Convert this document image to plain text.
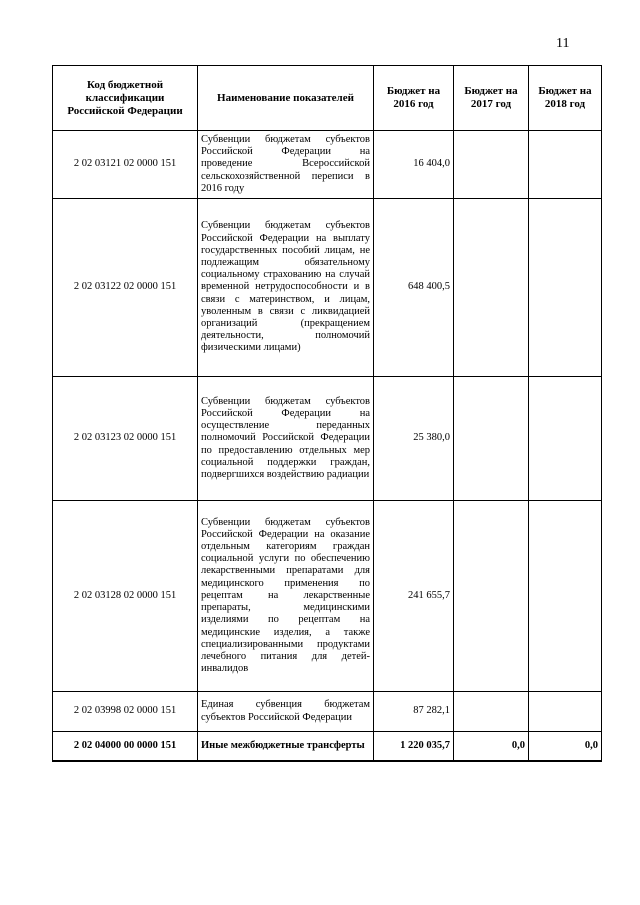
11
Код бюджетной классификации Российской Федерации	Наименование показателей	Бюджет на 2016 год	Бюджет на 2017 год	Бюджет на 2018 год
2 02 03121 02 0000 151	Субвенции бюджетам субъектов Российской Федерации на проведение Всероссийской сельскохозяйственной переписи в 2016 году	16 404,0		
2 02 03122 02 0000 151	Субвенции бюджетам субъектов Российской Федерации на выплату государственных пособий лицам, не подлежащим обязательному социальному страхованию на случай временной нетрудоспособности и в связи с материнством, и лицам, уволенным в связи с ликвидацией организаций (прекращением деятельности, полномочий физическими лицами)	648 400,5		
2 02 03123 02 0000 151	Субвенции бюджетам субъектов Российской Федерации на осуществление переданных полномочий Российской Федерации по предоставлению отдельных мер социальной поддержки граждан, подвергшихся воздействию радиации	25 380,0		
2 02 03128 02 0000 151	Субвенции бюджетам субъектов Российской Федерации на оказание отдельным категориям граждан социальной услуги по обеспечению лекарственными препаратами для медицинского применения по рецептам на лекарственные препараты, медицинскими изделиями по рецептам на медицинские изделия, а также специализированными продуктами лечебного питания для детей-инвалидов	241 655,7		
2 02 03998 02 0000 151	Единая субвенция бюджетам субъектов Российской Федерации	87 282,1		
2 02 04000 00 0000 151	Иные межбюджетные трансферты	1 220 035,7	0,0	0,0
